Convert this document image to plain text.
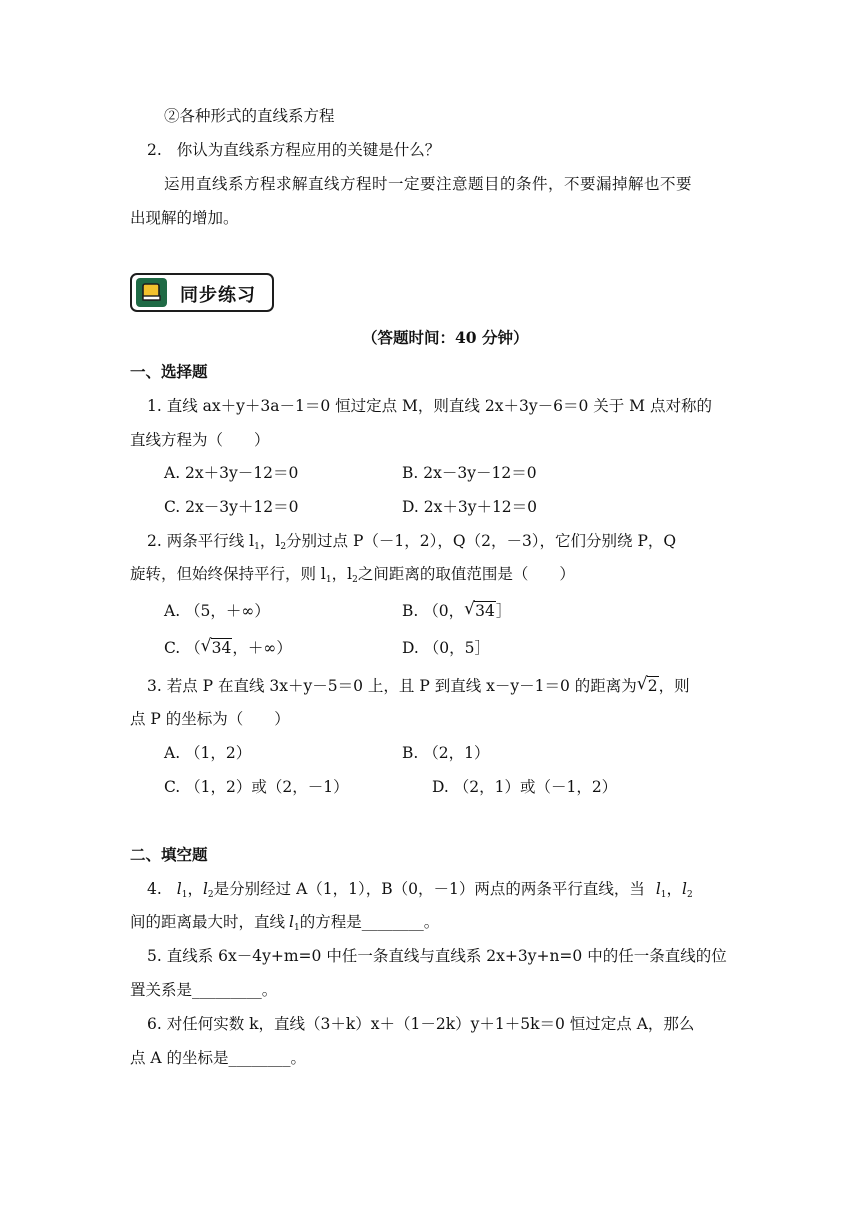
②各种形式的直线系方程
2. 你认为直线系方程应用的关键是什么？
运用直线系方程求解直线方程时一定要注意题目的条件，不要漏掉解也不要
出现解的增加。
同步练习
（答题时间：40 分钟）
一、选择题
1. 直线 ax＋y＋3a－1＝0 恒过定点 M，则直线 2x＋3y－6＝0 关于 M 点对称的
直线方程为（　　）
A. 2x＋3y－12＝0	B. 2x－3y－12＝0
C. 2x－3y＋12＝0	D. 2x＋3y＋12＝0
2. 两条平行线 $l_1$，$l_2$分别过点 P（－1，2），Q（2，－3），它们分别绕 P，Q
旋转，但始终保持平行，则 $l_1$，$l_2$之间距离的取值范围是（　　）
A. （5，＋∞）	B. （0， √ 34］
C. （ √ 34，＋∞）	D. （0，5］
3. 若点 P 在直线 3x＋y－5＝0 上，且 P 到直线 x－y－1＝0 的距离为 √ 2，则
点 P 的坐标为（　　）
A. （1，2）	B. （2，1）
C. （1，2）或（2，－1）	D. （2，1）或（－1，2）
二、填空题
4. $l_1$，$l_2$是分别经过 A（1，1），B（0，－1）两点的两条平行直线，当 $l_1$，$l_2$
间的距离最大时，直线 $l_1$的方程是________。
5. 直线系 6x－4y+m=0 中任一条直线与直线系 2x+3y+n=0 中的任一条直线的位
置关系是_________。
6. 对任何实数 k，直线（3＋k）x＋（1－2k）y＋1＋5k＝0 恒过定点 A，那么
点 A 的坐标是________。
